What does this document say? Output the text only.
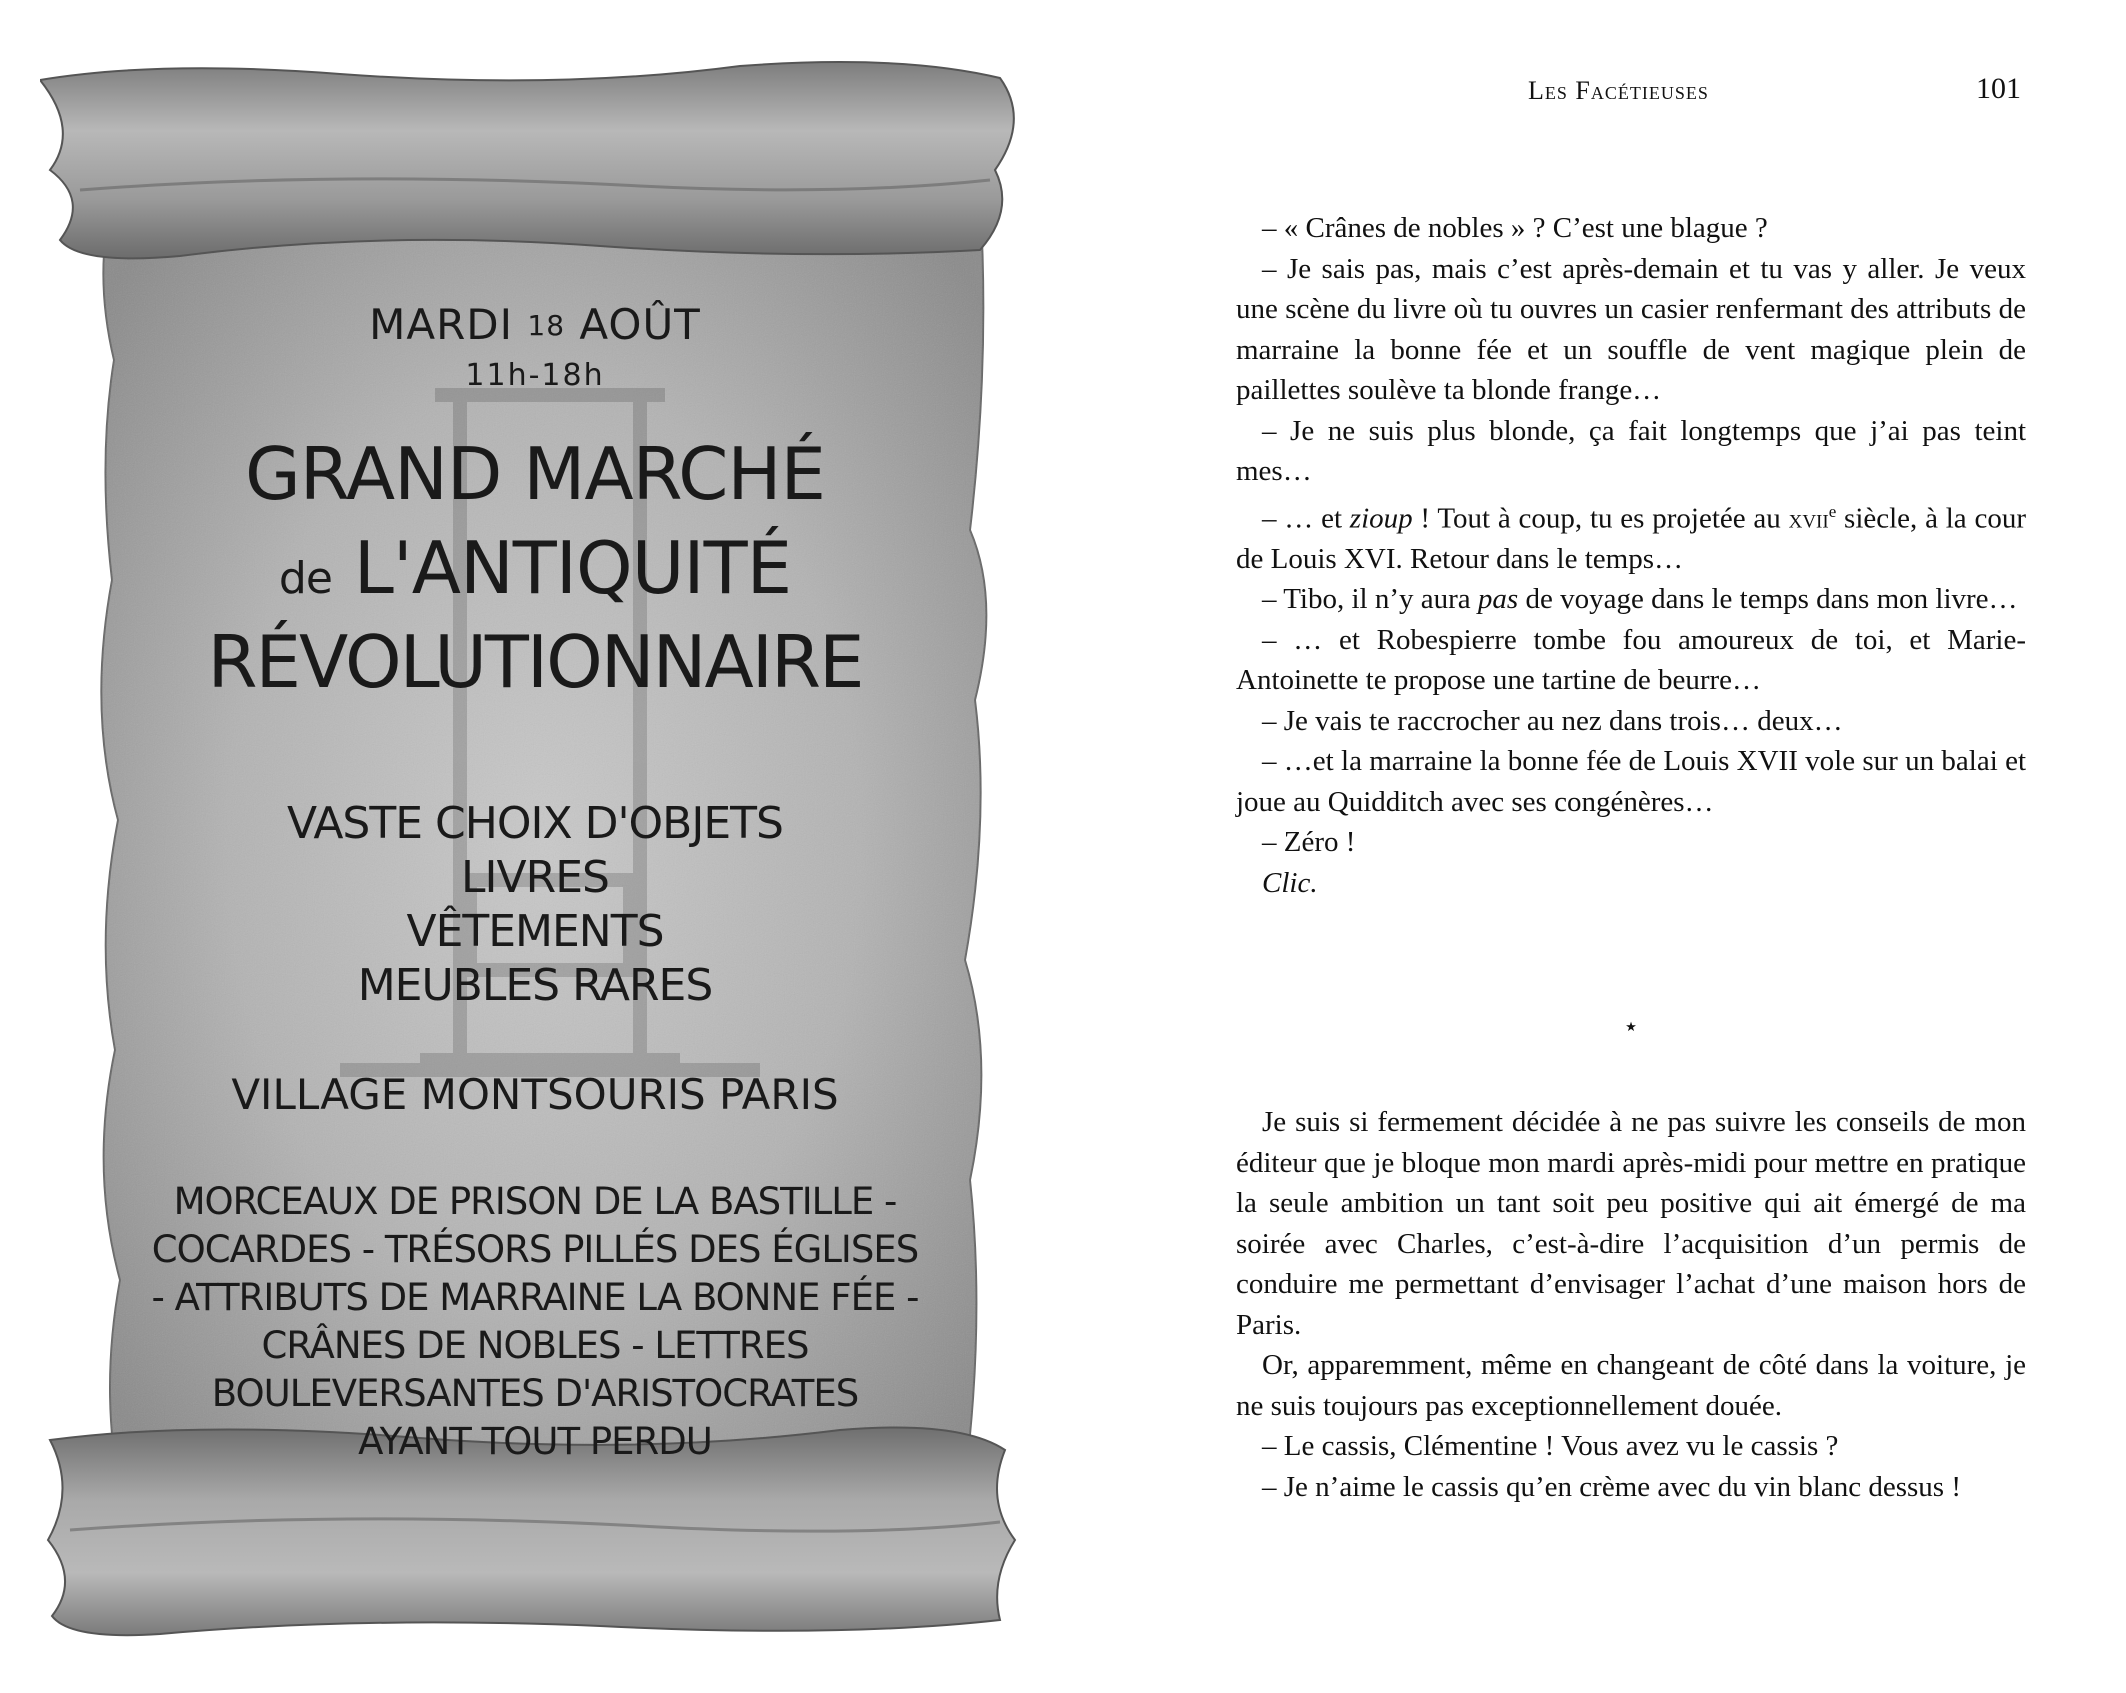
MARDI 18 AOÛT
11h-18h
GRAND MARCHÉ
de L'ANTIQUITÉ
RÉVOLUTIONNAIRE
VASTE CHOIX D'OBJETS
LIVRES
VÊTEMENTS
MEUBLES RARES
VILLAGE MONTSOURIS PARIS
MORCEAUX DE PRISON DE LA BASTILLE -
COCARDES - TRÉSORS PILLÉS DES ÉGLISES
- ATTRIBUTS DE MARRAINE LA BONNE FÉE -
CRÂNES DE NOBLES - LETTRES
BOULEVERSANTES D'ARISTOCRATES
AYANT TOUT PERDU
Les Facétieuses	101

– « Crânes de nobles » ? C’est une blague ?

– Je sais pas, mais c’est après-demain et tu vas y aller. Je veux une scène du livre où tu ouvres un casier renfermant des attributs de marraine la bonne fée et un souffle de vent magique plein de paillettes soulève ta blonde frange…

– Je ne suis plus blonde, ça fait longtemps que j’ai pas teint mes…

– … et zioup ! Tout à coup, tu es projetée au xvii$^e$ siècle, à la cour de Louis XVI. Retour dans le temps…

– Tibo, il n’y aura pas de voyage dans le temps dans mon livre…

– … et Robespierre tombe fou amoureux de toi, et Marie-Antoinette te propose une tartine de beurre…

– Je vais te raccrocher au nez dans trois… deux…

– …et la marraine la bonne fée de Louis XVII vole sur un balai et joue au Quidditch avec ses congénères…

– Zéro !

Clic.

⋆

Je suis si fermement décidée à ne pas suivre les conseils de mon éditeur que je bloque mon mardi après-midi pour mettre en pratique la seule ambition un tant soit peu positive qui ait émergé de ma soirée avec Charles, c’est-à-dire l’acquisition d’un permis de conduire me permettant d’envisager l’achat d’une maison hors de Paris.

Or, apparemment, même en changeant de côté dans la voiture, je ne suis toujours pas exceptionnellement douée.

– Le cassis, Clémentine ! Vous avez vu le cassis ?

– Je n’aime le cassis qu’en crème avec du vin blanc dessus !
